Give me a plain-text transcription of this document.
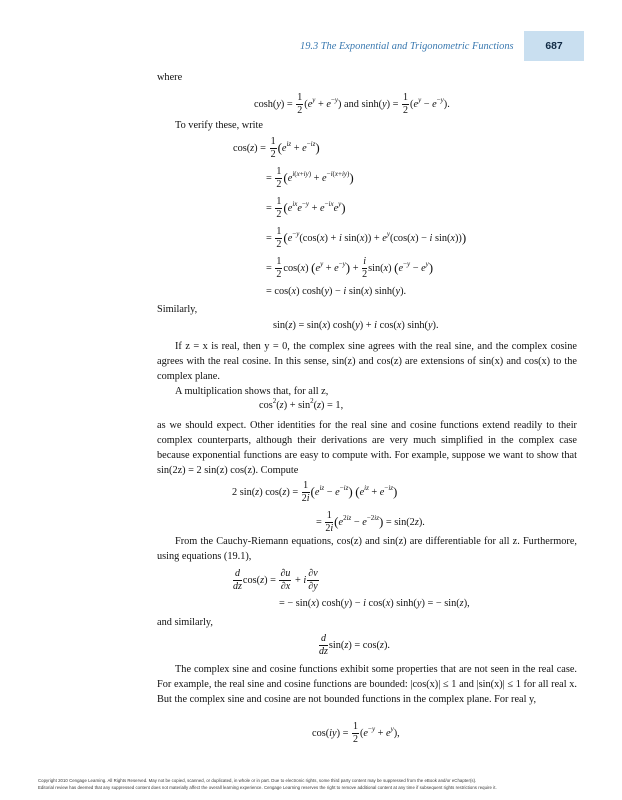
19.3 The Exponential and Trigonometric Functions	687
where
$\cosh(y) = \frac{1}{2} (e^y + e^{-y})$ and $\sinh(y) = \frac{1}{2} (e^y - e^{-y})$.
To verify these, write
$\cos(z) = \frac{1}{2} (e^{iz} + e^{-iz})$
= $\frac{1}{2} (e^{i(x+iy)} + e^{-i(x+iy)})$
= $\frac{1}{2} (e^{ix}e^{-y} + e^{-ix}e^y)$
= $\frac{1}{2} (e^{-y}(\cos(x) + i$ $\sin(x)) + e^y(\cos(x) - i$ sin(x)))
= $\frac{1}{2} \cos(x) (e^y + e^{-y}) + \frac{i}{2} \sin(x) (e^{-y} - e^y)$
= cos(x) cosh(y) − i sin(x) sinh(y).
Similarly,
sin(z) = sin(x) cosh(y) + i cos(x) sinh(y).
If z = x is real, then y = 0, the complex sine agrees with the real sine, and the complex cosine agrees with the real cosine. In this sense, sin(z) and cos(z) are extensions of sin(x) and cos(x) to the complex plane.
A multiplication shows that, for all z,
$\cos^2(z) + \sin^2(z) = 1$,
as we should expect. Other identities for the real sine and cosine functions extend readily to their complex counterparts, although their derivations are very much simplified in the complex case because exponential functions are easy to compute with. For example, suppose we want to show that sin(2z) = 2 sin(z) cos(z). Compute
2 sin(z) $\cos(z) = \frac{1}{2i} (e^{iz} - e^{-iz}) (e^{iz} + e^{-iz})$
= $\frac{1}{2i} (e^{2iz} - e^{-2iz}) = \sin(2z)$.
From the Cauchy-Riemann equations, cos(z) and sin(z) are differentiable for all z. Furthermore, using equations (19.1),
$\frac{d}{dz} \cos(z) = \frac{\partial u}{\partial x} + i \frac{\partial v}{\partial y}$
= − sin(x) cosh(y) − i cos(x) sinh(y) = − sin(z),
and similarly,
$\frac{d}{dz} \sin(z) = \cos(z)$.
The complex sine and cosine functions exhibit some properties that are not seen in the real case. For example, the real sine and cosine functions are bounded: |cos(x)| ≤ 1 and |sin(x)| ≤ 1 for all real x. But the complex sine and cosine are not bounded functions in the complex plane. For real y,
$\cos(iy) = \frac{1}{2} (e^{-y} + e^y)$,
Copyright 2010 Cengage Learning. All Rights Reserved. May not be copied, scanned, or duplicated, in whole or in part. Due to electronic rights, some third party content may be suppressed from the eBook and/or eChapter(s).
Editorial review has deemed that any suppressed content does not materially affect the overall learning experience. Cengage Learning reserves the right to remove additional content at any time if subsequent rights restrictions require it.
